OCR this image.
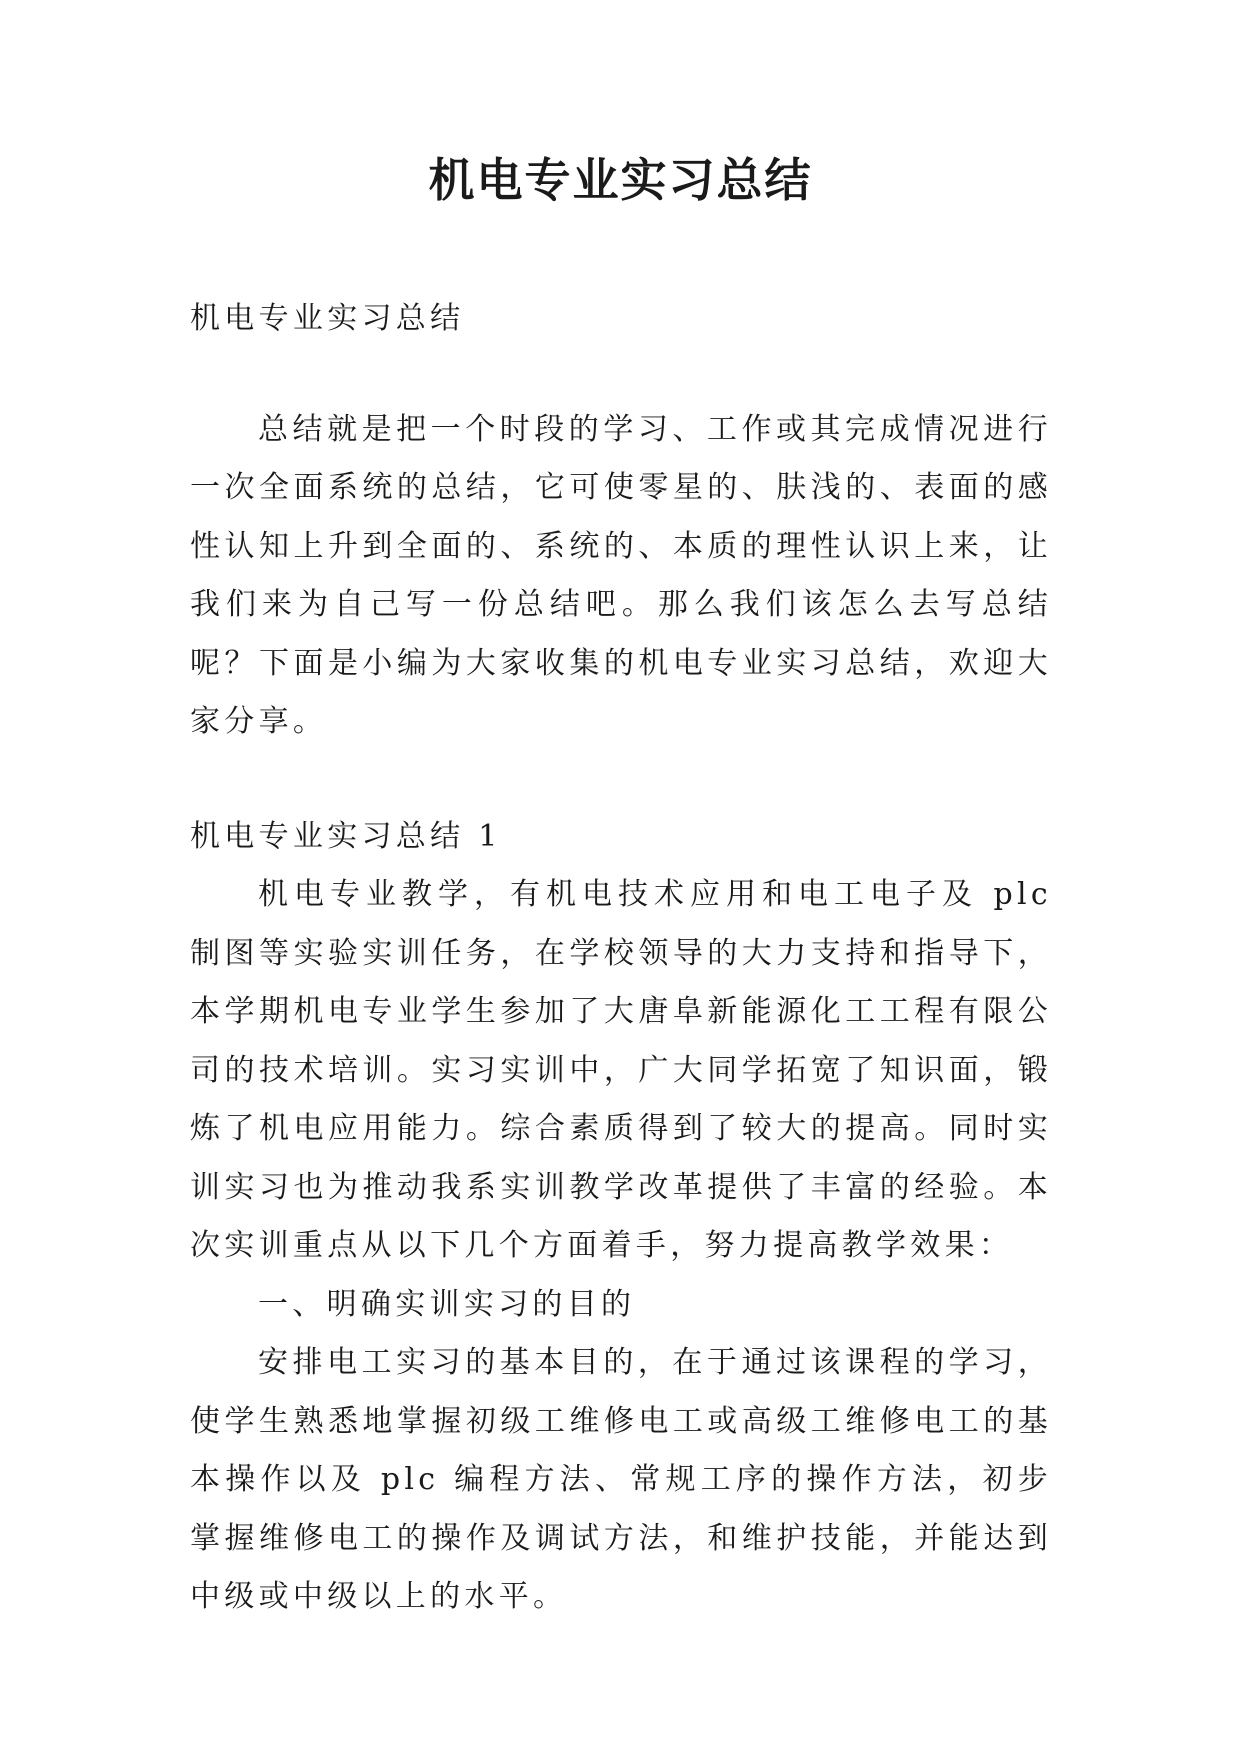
机电专业实习总结

机电专业实习总结

总结就是把一个时段的学习、工作或其完成情况进行一次全面系统的总结，它可使零星的、肤浅的、表面的感性认知上升到全面的、系统的、本质的理性认识上来，让我们来为自己写一份总结吧。那么我们该怎么去写总结呢？下面是小编为大家收集的机电专业实习总结，欢迎大家分享。

机电专业实习总结 1

机电专业教学，有机电技术应用和电工电子及 plc 制图等实验实训任务，在学校领导的大力支持和指导下，本学期机电专业学生参加了大唐阜新能源化工工程有限公司的技术培训。实习实训中，广大同学拓宽了知识面，锻炼了机电应用能力。综合素质得到了较大的提高。同时实训实习也为推动我系实训教学改革提供了丰富的经验。本次实训重点从以下几个方面着手，努力提高教学效果：

一、明确实训实习的目的

安排电工实习的基本目的，在于通过该课程的学习，使学生熟悉地掌握初级工维修电工或高级工维修电工的基本操作以及 plc 编程方法、常规工序的操作方法，初步掌握维修电工的操作及调试方法，和维护技能，并能达到中级或中级以上的水平。
